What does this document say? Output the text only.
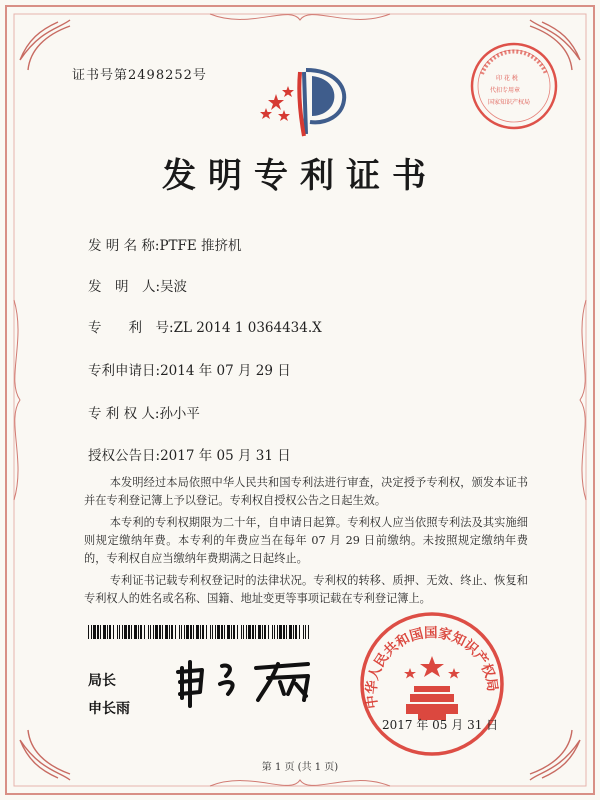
证书号第2498252号
发明专利证书
发 明 名 称:PTFE 推挤机
发　明　人:吴波
专　　利　号:ZL 2014 1 0364434.X
专利申请日:2014 年 07 月 29 日
专 利 权 人:孙小平
授权公告日:2017 年 05 月 31 日

本发明经过本局依照中华人民共和国专利法进行审查，决定授予专利权，颁发本证书并在专利登记簿上予以登记。专利权自授权公告之日起生效。

本专利的专利权期限为二十年，自申请日起算。专利权人应当依照专利法及其实施细则规定缴纳年费。本专利的年费应当在每年 07 月 29 日前缴纳。未按照规定缴纳年费的，专利权自应当缴纳年费期满之日起终止。

专利证书记载专利权登记时的法律状况。专利权的转移、质押、无效、终止、恢复和专利权人的姓名或名称、国籍、地址变更等事项记载在专利登记簿上。

印 花 税
代扣专用章
国家知识产权局
局长
申长雨	中华人民共和国国家知识产权局
2017 年 05 月 31 日
第 1 页 (共 1 页)
